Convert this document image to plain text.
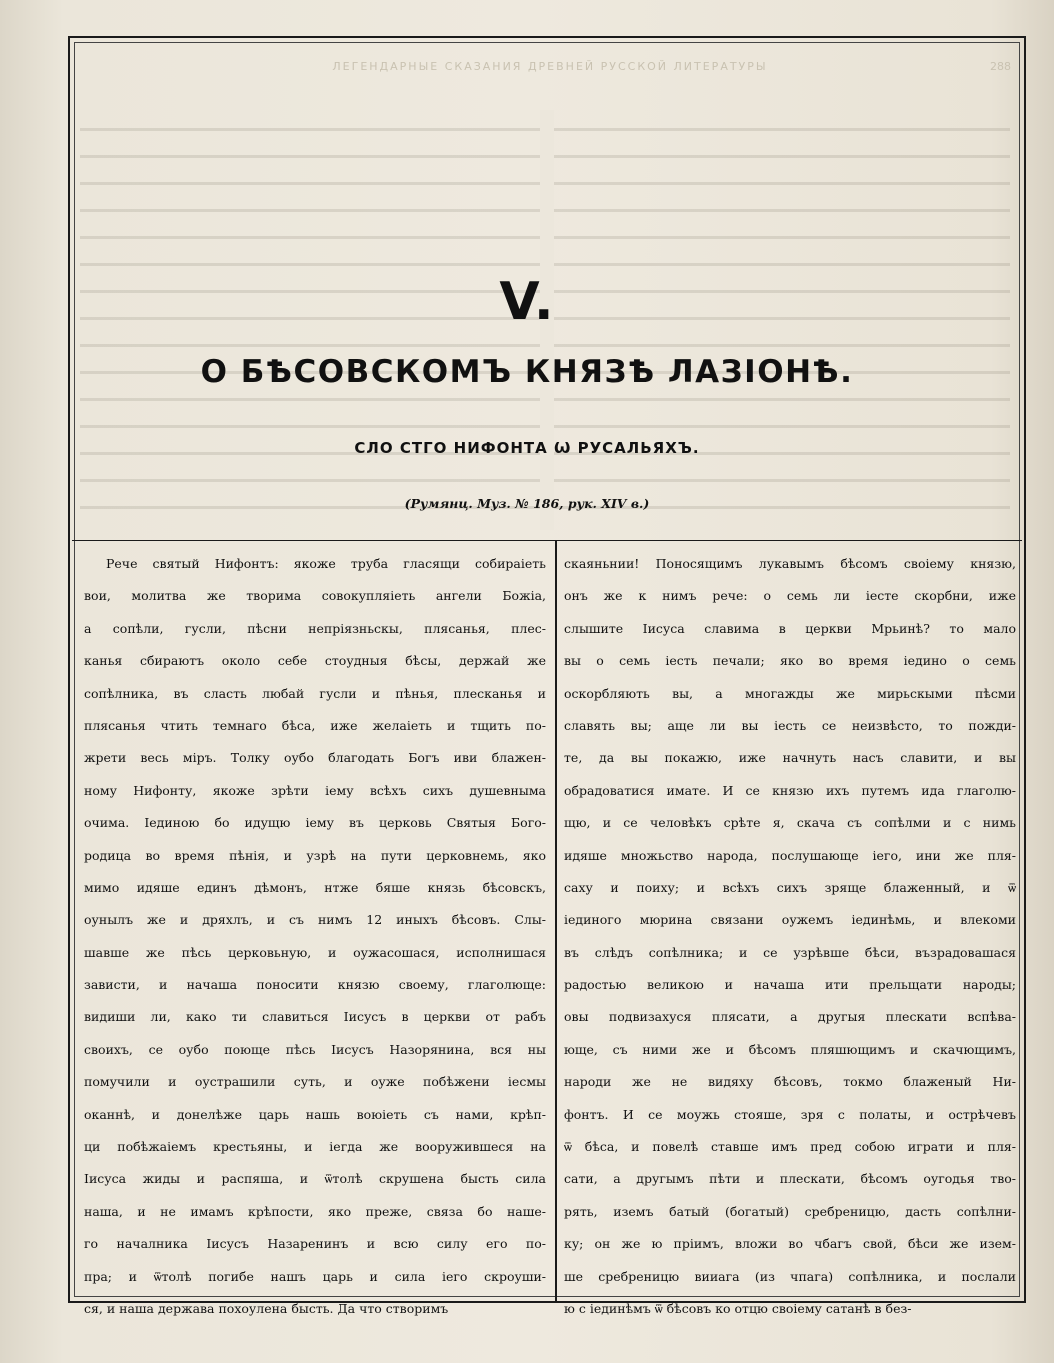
ЛЕГЕНДАРНЫЕ СКАЗАНИЯ ДРЕВНЕЙ РУССКОЙ ЛИТЕРАТУРЫ	288
V.
О БѢСОВСКОМЪ КНЯЗѢ ЛАЗІОНѢ.
СЛО СТГО НИФОНТА Ѡ РУСАЛЬЯХЪ.
(Румянц. Муз. № 186, рук. XIV в.)
Рече святый Нифонтъ: якоже труба гласящи собираiеть
вои, молитва же творима совокупляiеть ангели Божiа,
а сопѣли, гусли, пѣсни непрiязньскы, плясанья, плес-
канья сбираютъ около себе стоудныя бѣсы, держай же
сопѣлника, въ сласть любай гусли и пѣнья, плесканья и
плясанья чтить темнаго бѣса, иже желаiеть и тщить по-
жрети весь мiръ. Толку оубо благодать Богъ иви блажен-
ному Нифонту, якоже зрѣти iему всѣхъ сихъ душевныма
очима. Iединою бо идущю iему въ церковь Святыя Бого-
родица во время пѣнiя, и узрѣ на пути церковнемь, яко
мимо идяше единъ дѣмонъ, нтже бяше князь бѣсовскъ,
оунылъ же и дряхлъ, и съ нимъ 12 иныхъ бѣсовъ. Слы-
шавше же пѣсь церковьную, и оужасошася, исполнишася
зависти, и начаша поносити князю своему, глаголюще:
видиши ли, како ти славиться Iисусъ в церкви от рабъ
своихъ, се оубо поюще пѣсь Iисусъ Назорянина, вся ны
помучили и оустрашили суть, и оуже побѣжени iесмы
оканнѣ, и донелѣже царь нашь воюiеть съ нами, крѣп-
ци побѣжаiемъ крестьяны, и iегда же вооружившеся на
Iисуса жиды и распяша, и ѿтолѣ скрушена бысть сила
наша, и не имамъ крѣпости, яко преже, связа бо наше-
го началника Iисусъ Назаренинъ и всю силу его по-
пра; и ѿтолѣ погибе нашъ царь и сила iего скроуши-
ся, и наша держава похоулена бысть. Да что створимъ
скаяньнии! Поносящимъ лукавымъ бѣсомъ своiему князю,
онъ же к нимъ рече: о семь ли iесте скорбни, иже
слышите Iисуса славима в церкви Мрьинѣ? то мало
вы о семь iесть печали; яко во время iедино о семь
оскорбляють вы, а многажды же мирьскыми пѣсми
славять вы; аще ли вы iесть се неизвѣсто, то пожди-
те, да вы покажю, иже начнуть насъ славити, и вы
обрадоватися имате. И се князю ихъ путемъ ида глаголю-
щю, и се человѣкъ срѣте я, скача съ сопѣлми и с нимь
идяше множьство народа, послушающе iего, ини же пля-
саху и поиху; и всѣхъ сихъ зряще блаженный, и ѿ
iединого мюрина связани оужемъ iединѣмь, и влекоми
въ слѣдъ сопѣлника; и се узрѣвше бѣси, възрадовашася
радостью великою и начаша ити прельщати народы;
овы подвизахуся плясати, а другыя плескати вспѣва-
юще, съ ними же и бѣсомъ пляшющимъ и скачющимъ,
народи же не видяху бѣсовъ, токмо блаженый Ни-
фонтъ. И се моужь стояше, зря с полаты, и острѣчевъ
ѿ бѣса, и повелѣ ставше имъ пред собою играти и пля-
сати, а другымъ пѣти и плескати, бѣсомъ оугодья тво-
рять, иземъ батый (богатый) сребреницю, дасть сопѣлни-
ку; он же ю прiимъ, вложи во чбагъ свой, бѣси же изем-
ше сребреницю вииага (из чпага) сопѣлника, и послали
ю с iединѣмъ ѿ бѣсовъ ко отцю своiему сатанѣ в без-
